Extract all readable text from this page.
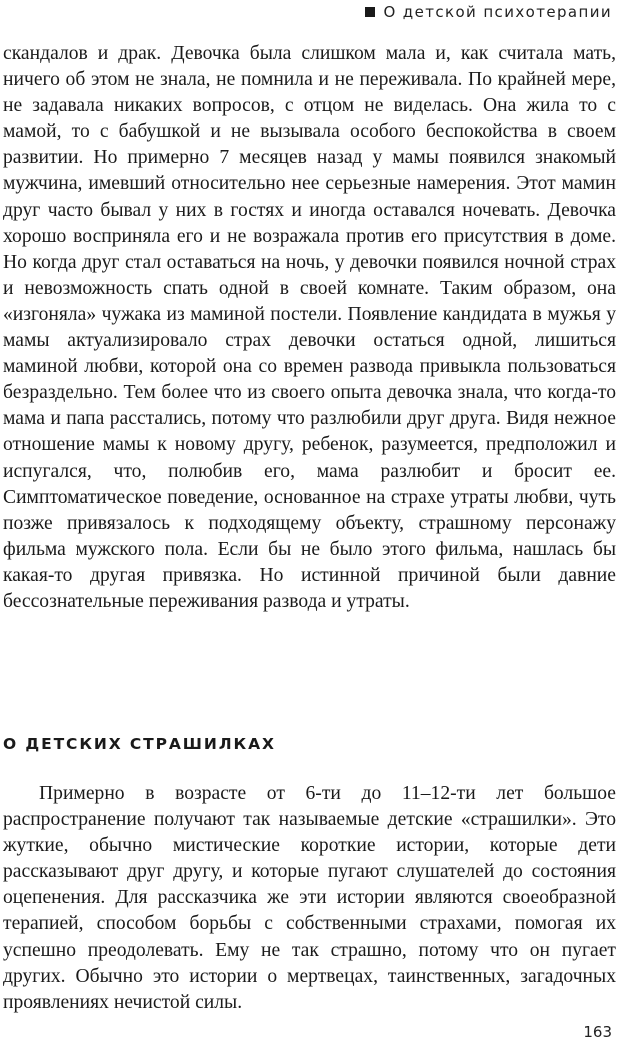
О детской психотерапии

скандалов и драк. Девочка была слишком мала и, как считала мать, ничего об этом не знала, не помнила и не переживала. По крайней мере, не задавала никаких вопросов, с отцом не виделась. Она жила то с мамой, то с бабушкой и не вызывала особого беспокойства в своем развитии. Но примерно 7 месяцев назад у мамы появился знакомый мужчина, имевший относительно нее серьезные намерения. Этот мамин друг часто бывал у них в гостях и иногда оставался ночевать. Девочка хорошо восприняла его и не возражала против его присутствия в доме. Но когда друг стал оставаться на ночь, у девочки появился ночной страх и невозможность спать одной в своей комнате. Таким образом, она «изгоняла» чужака из маминой постели. Появление кандидата в мужья у мамы актуализировало страх девочки остаться одной, лишиться маминой любви, которой она со времен развода привыкла пользоваться безраздельно. Тем более что из своего опыта девочка знала, что когда-то мама и папа расстались, потому что разлюбили друг друга. Видя нежное отношение мамы к новому другу, ребенок, разумеется, предположил и испугался, что, полюбив его, мама разлюбит и бросит ее. Симптоматическое поведение, основанное на страхе утраты любви, чуть позже привязалось к подходящему объекту, страшному персонажу фильма мужского пола. Если бы не было этого фильма, нашлась бы какая-то другая привязка. Но истинной причиной были давние бессознательные переживания развода и утраты.

О ДЕТСКИХ СТРАШИЛКАХ

Примерно в возрасте от 6-ти до 11–12-ти лет большое распространение получают так называемые детские «страшилки». Это жуткие, обычно мистические короткие истории, которые дети рассказывают друг другу, и которые пугают слушателей до состояния оцепенения. Для рассказчика же эти истории являются своеобразной терапией, способом борьбы с собственными страхами, помогая их успешно преодолевать. Ему не так страшно, потому что он пугает других. Обычно это истории о мертвецах, таинственных, загадочных проявлениях нечистой силы.

163
